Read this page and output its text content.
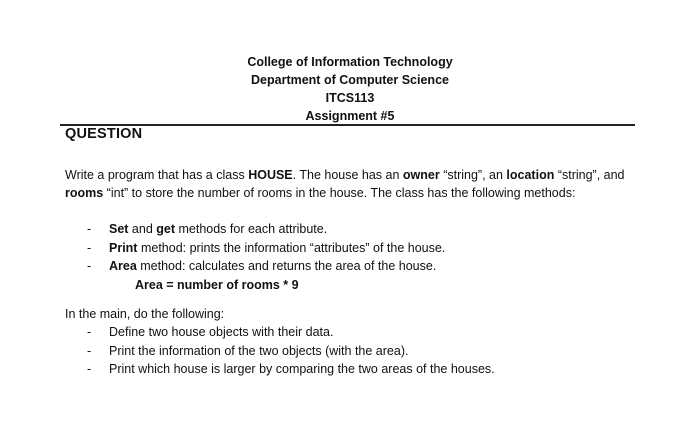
College of Information Technology
Department of Computer Science
ITCS113
Assignment #5
QUESTION
Write a program that has a class HOUSE. The house has an owner “string”, an location “string”, and rooms “int” to store the number of rooms in the house. The class has the following methods:
- Set and get methods for each attribute.
- Print method: prints the information “attributes” of the house.
- Area method: calculates and returns the area of the house.
Area = number of rooms * 9
In the main, do the following:
- Define two house objects with their data.
- Print the information of the two objects (with the area).
- Print which house is larger by comparing the two areas of the houses.
